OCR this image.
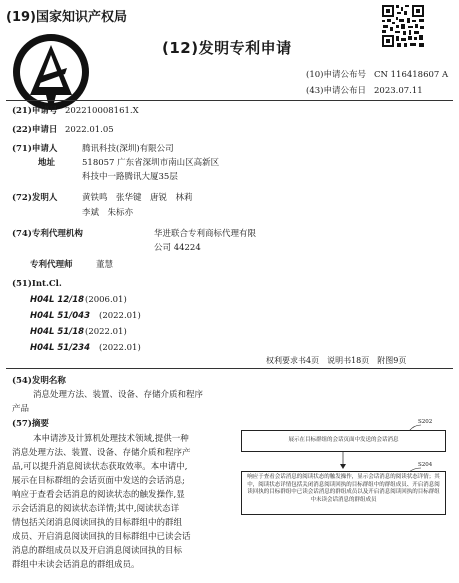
(19)国家知识产权局
(12)发明专利申请
(10)申请公布号 CN 116418607 A
(43)申请公布日 2023.07.11
(21)申请号 202210008161.X
(22)申请日 2022.01.05
(71)申请人	腾讯科技(深圳)有限公司
地址	518057 广东省深圳市南山区高新区
科技中一路腾讯大厦35层
(72)发明人	黄铁鸣　张华键　唐锐　林莉
李斌　朱标亦
(74)专利代理机构	华进联合专利商标代理有限
公司 44224
专利代理师	董慧
(51)Int.Cl.
H04L 12/18 (2006.01)
H04L 51/043 (2022.01)
H04L 51/18 (2022.01)
H04L 51/234 (2022.01)
权利要求书4页　说明书18页　附图9页
(54)发明名称
消息处理方法、装置、设备、存储介质和程序
产品
(57)摘要
本申请涉及计算机处理技术领域,提供一种
消息处理方法、装置、设备、存储介质和程序产
品,可以提升消息阅读状态获取效率。本申请中,
展示在目标群组的会话页面中发送的会话消息;
响应于查看会话消息的阅读状态的触发操作,显
示会话消息的阅读状态详情;其中,阅读状态详
情包括关闭消息阅读回执的目标群组中的群组
成员、开启消息阅读回执的目标群组中已读会话
消息的群组成员以及开启消息阅读回执的目标
群组中未读会话消息的群组成员。
S202
展示在目标群组的会话页面中发送的会话消息
S204
响应于查看会话消息的阅读状态的触发操作，显示会话消息的阅读状态详情；其中，阅读状态详情包括关闭消息阅读回执的目标群组中的群组成员、开启消息阅读回执的目标群组中已读会话消息的群组成员以及开启消息阅读回执的目标群组中未读会话消息的群组成员
